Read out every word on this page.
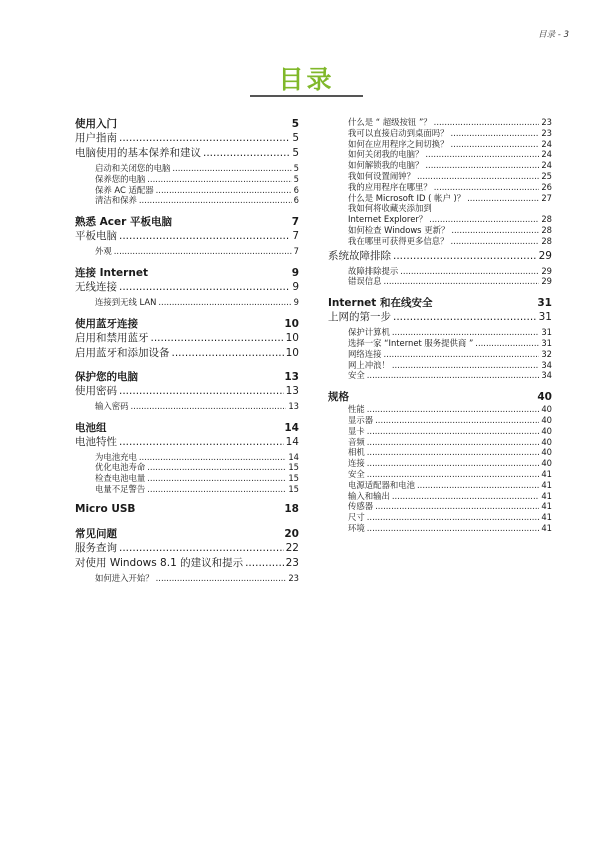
目录 - 3
目录
使用入门	5
用户指南 .....	5
电脑使用的基本保养和建议 .....	5
启动和关闭您的电脑 .....	5
保养您的电脑 .....	5
保养 AC 适配器 .....	6
清洁和保养 .....	6
熟悉 Acer 平板电脑	7
平板电脑 .....	7
外观 .....	7
连接 Internet	9
无线连接 .....	9
连接到无线 LAN .....	9
使用蓝牙连接	10
启用和禁用蓝牙 .....	10
启用蓝牙和添加设备 .....	10
保护您的电脑	13
使用密码 .....	13
输入密码 .....	13
电池组	14
电池特性 .....	14
为电池充电 .....	14
优化电池寿命 .....	15
检查电池电量 .....	15
电量不足警告 .....	15
Micro USB	18
常见问题	20
服务查询 .....	22
对使用 Windows 8.1 的建议和提示 .....	23
如何进入开始？ .....	23
什么是 “ 超级按钮 ”？ .....	23
我可以直接启动到桌面吗？ .....	23
如何在应用程序之间切换？ .....	24
如何关闭我的电脑？ .....	24
如何解锁我的电脑？ .....	24
我如何设置闹钟？ .....	25
我的应用程序在哪里？ .....	26
什么是 Microsoft ID ( 帐户 )？ .....	27
我如何将收藏夹添加到
Internet Explorer？ .....	28
如何检查 Windows 更新？ .....	28
我在哪里可获得更多信息？ .....	28
系统故障排除 .....	29
故障排除提示 .....	29
错误信息 .....	29
Internet 和在线安全	31
上网的第一步 .....	31
保护计算机 .....	31
选择一家 “Internet 服务提供商 ” .....	31
网络连接 .....	32
网上冲浪！ .....	34
安全 .....	34
规格	40
性能 .....	40
显示器 .....	40
显卡 .....	40
音频 .....	40
相机 .....	40
连接 .....	40
安全 .....	41
电源适配器和电池 .....	41
输入和输出 .....	41
传感器 .....	41
尺寸 .....	41
环境 .....	41
